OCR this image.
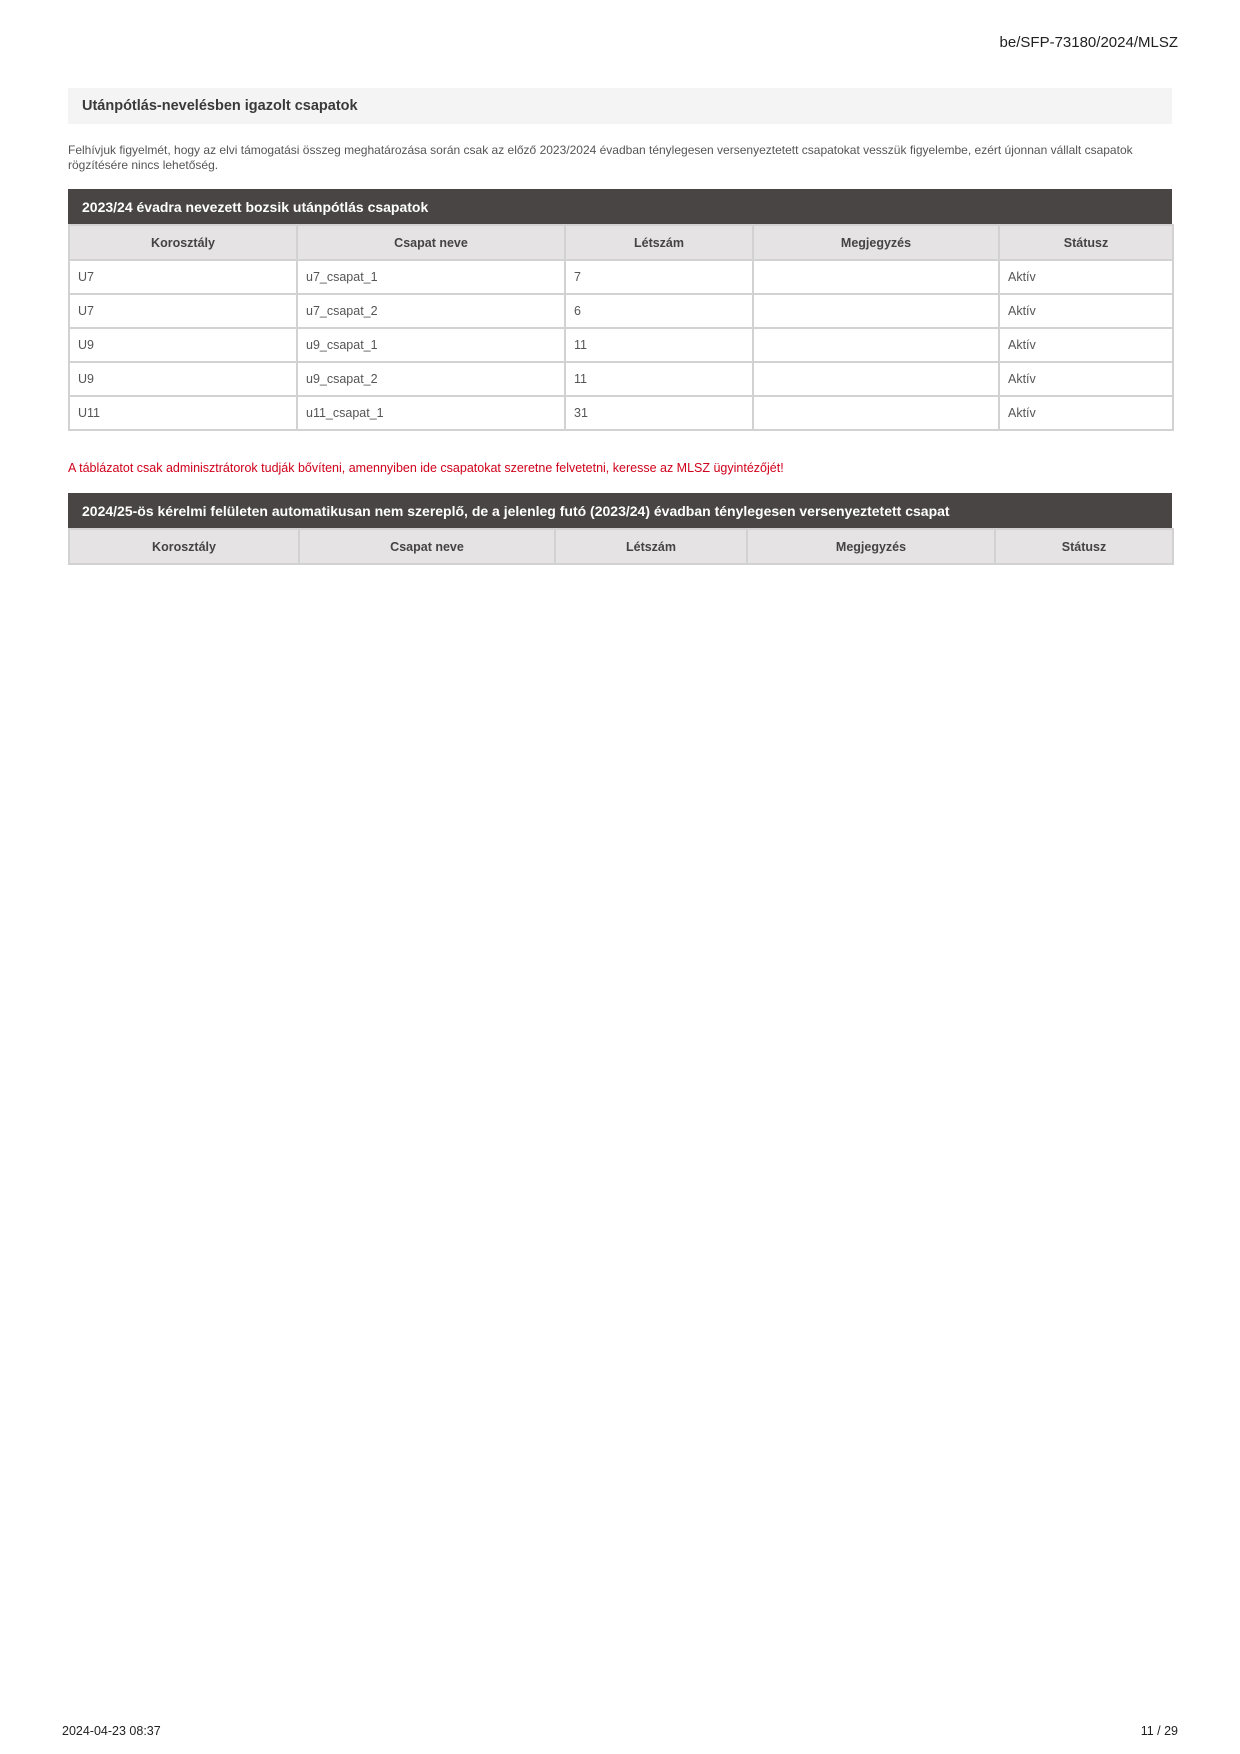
be/SFP-73180/2024/MLSZ
Utánpótlás-nevelésben igazolt csapatok
Felhívjuk figyelmét, hogy az elvi támogatási összeg meghatározása során csak az előző 2023/2024 évadban ténylegesen versenyeztetett csapatokat vesszük figyelembe, ezért újonnan vállalt csapatok rögzítésére nincs lehetőség.
2023/24 évadra nevezett bozsik utánpótlás csapatok
Korosztály	Csapat neve	Létszám	Megjegyzés	Státusz
U7	u7_csapat_1	7		Aktív
U7	u7_csapat_2	6		Aktív
U9	u9_csapat_1	11		Aktív
U9	u9_csapat_2	11		Aktív
U11	u11_csapat_1	31		Aktív
A táblázatot csak adminisztrátorok tudják bővíteni, amennyiben ide csapatokat szeretne felvetetni, keresse az MLSZ ügyintézőjét!
2024/25-ös kérelmi felületen automatikusan nem szereplő, de a jelenleg futó (2023/24) évadban ténylegesen versenyeztetett csapat
Korosztály	Csapat neve	Létszám	Megjegyzés	Státusz
2024-04-23 08:37	11 / 29
